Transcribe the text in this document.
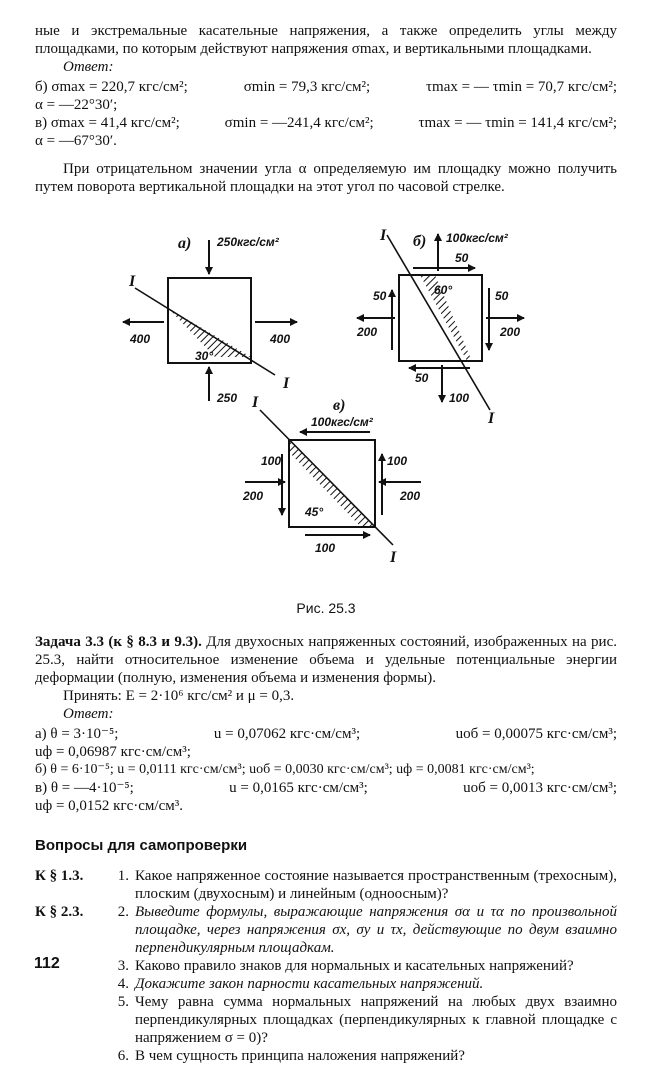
ные и экстремальные касательные напряжения, а также определить углы между площадками, по которым действуют напряжения σmax, и вертикальными площадками.

Ответ:

б) σmax = 220,7 кгс/см²;	σmin = 79,3 кгс/см²;	τmax = — τmin = 70,7 кгс/см²;

α = —22°30′;

в) σmax = 41,4 кгс/см²;	σmin = —241,4 кгс/см²;	τmax = — τmin = 141,4 кгс/см²;

α = —67°30′.

При отрицательном значении угла α определяемую им площадку можно получить путем поворота вертикальной площадки на этот угол по часовой стрелке.

а)
I
I
250кгс/см²
250
400	400
30°
б)
I
I
100кгс/см²
50
100
50
200
50
200
50
60°
в)
I
I
100кгс/см²
100
200
100
200
100
45°

Рис. 25.3

Задача 3.3 (к § 8.3 и 9.3). Для двухосных напряженных состояний, изображенных на рис. 25.3, найти относительное изменение объема и удельные потенциальные энергии деформации (полную, изменения объема и изменения формы).

Принять: E = 2·10⁶ кгс/см² и μ = 0,3.

Ответ:

а) θ = 3·10⁻⁵;	u = 0,07062 кгс·см/см³;	uоб = 0,00075 кгс·см/см³;

uф = 0,06987 кгс·см/см³;

б) θ = 6·10⁻⁵; u = 0,0111 кгс·см/см³; uоб = 0,0030 кгс·см/см³; uф = 0,0081 кгс·см/см³;

в) θ = —4·10⁻⁵;	u = 0,0165 кгс·см/см³;	uоб = 0,0013 кгс·см/см³;

uф = 0,0152 кгс·см/см³.

Вопросы для самопроверки
К § 1.3.	1. Какое напряженное состояние называется пространственным (трехосным), плоским (двухосным) и линейным (одноосным)?
К § 2.3.	2. Выведите формулы, выражающие напряжения σα и τα по произвольной площадке, через напряжения σx, σy и τx, действующие по двум взаимно перпендикулярным площадкам.
3. Каково правило знаков для нормальных и касательных напряжений?
4. Докажите закон парности касательных напряжений.
5. Чему равна сумма нормальных напряжений на любых двух взаимно перпендикулярных площадках (перпендикулярных к главной площадке с напряжением σ = 0)?
6. В чем сущность принципа наложения напряжений?
112
